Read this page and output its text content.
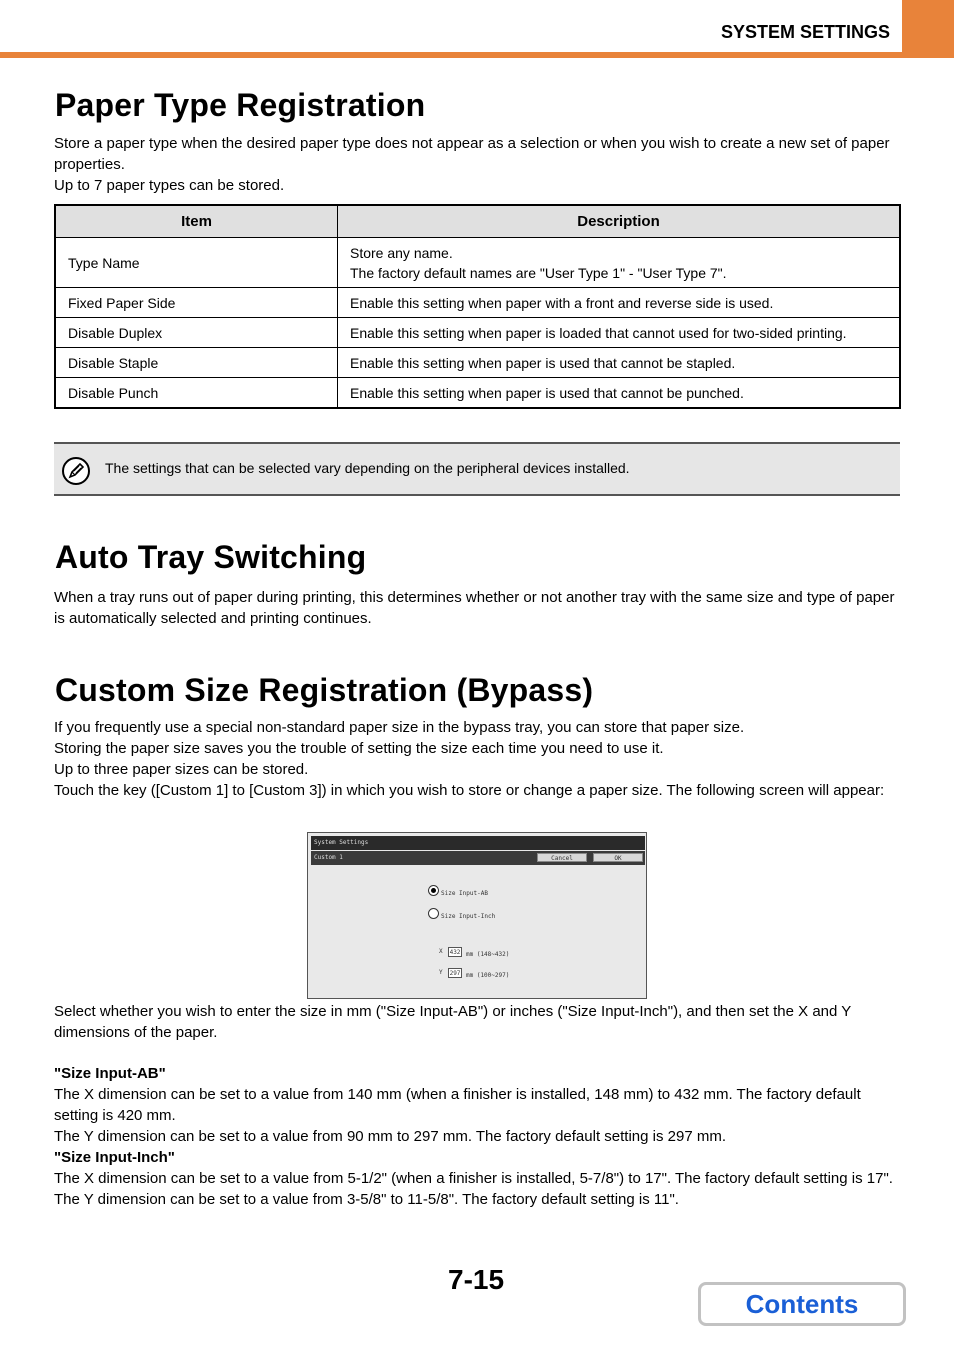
SYSTEM SETTINGS
Paper Type Registration
Store a paper type when the desired paper type does not appear as a selection or when you wish to create a new set of paper properties.
Up to 7 paper types can be stored.
Item	Description
Type Name	Store any name.
The factory default names are "User Type 1" - "User Type 7".

Fixed Paper Side	Enable this setting when paper with a front and reverse side is used.
Disable Duplex	Enable this setting when paper is loaded that cannot used for two-sided printing.
Disable Staple	Enable this setting when paper is used that cannot be stapled.
Disable Punch	Enable this setting when paper is used that cannot be punched.
The settings that can be selected vary depending on the peripheral devices installed.
Auto Tray Switching
When a tray runs out of paper during printing, this determines whether or not another tray with the same size and type of paper is automatically selected and printing continues.
Custom Size Registration (Bypass)
If you frequently use a special non-standard paper size in the bypass tray, you can store that paper size.
Storing the paper size saves you the trouble of setting the size each time you need to use it.
Up to three paper sizes can be stored.
Touch the key ([Custom 1] to [Custom 3]) in which you wish to store or change a paper size. The following screen will appear:
System Settings
Custom 1	Cancel	OK
Size Input-AB
Size Input-Inch
X 432 mm (148~432)
Y 297 mm (100~297)
Select whether you wish to enter the size in mm ("Size Input-AB") or inches ("Size Input-Inch"), and then set the X and Y dimensions of the paper.
"Size Input-AB"
The X dimension can be set to a value from 140 mm (when a finisher is installed, 148 mm) to 432 mm. The factory default setting is 420 mm.
The Y dimension can be set to a value from 90 mm to 297 mm. The factory default setting is 297 mm.
"Size Input-Inch"
The X dimension can be set to a value from 5-1/2" (when a finisher is installed, 5-7/8") to 17". The factory default setting is 17".
The Y dimension can be set to a value from 3-5/8" to 11-5/8". The factory default setting is 11".
7-15
Contents
